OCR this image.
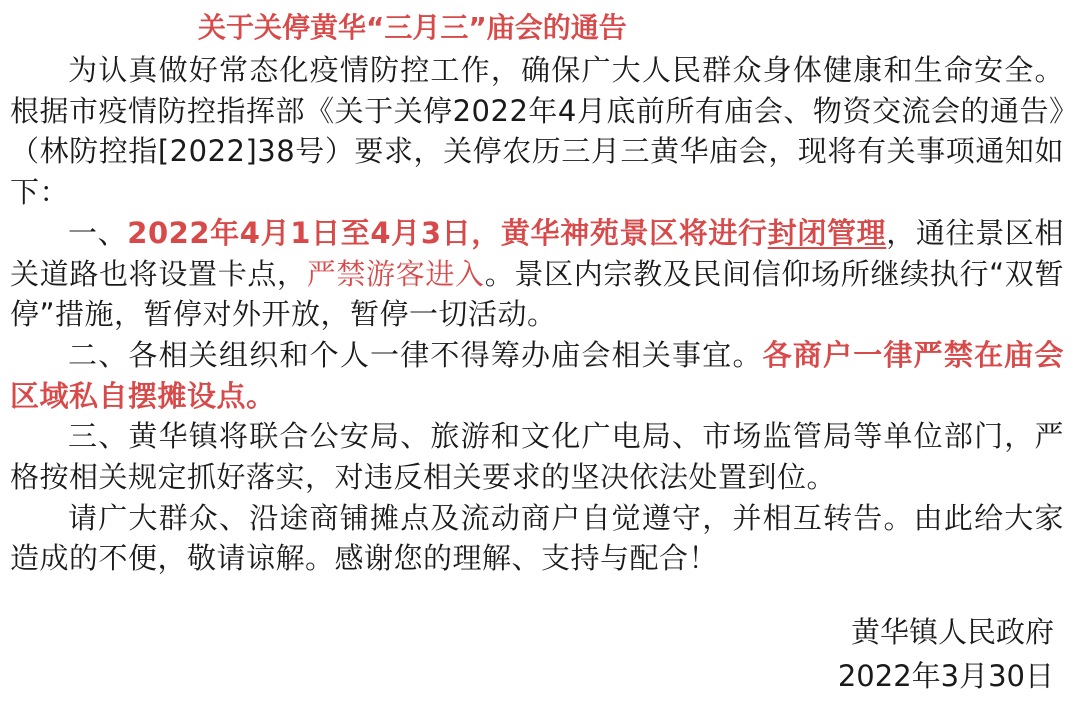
关于关停黄华“三月三”庙会的通告

为认真做好常态化疫情防控工作，确保广大人民群众身体健康和生命安全。根据市疫情防控指挥部《关于关停2022年4月底前所有庙会、物资交流会的通告》（林防控指[2022]38号）要求，关停农历三月三黄华庙会，现将有关事项通知如下：

一、2022年4月1日至4月3日，黄华神苑景区将进行封闭管理，通往景区相关道路也将设置卡点，严禁游客进入。景区内宗教及民间信仰场所继续执行“双暂停”措施，暂停对外开放，暂停一切活动。

二、各相关组织和个人一律不得筹办庙会相关事宜。各商户一律严禁在庙会区域私自摆摊设点。

三、黄华镇将联合公安局、旅游和文化广电局、市场监管局等单位部门，严格按相关规定抓好落实，对违反相关要求的坚决依法处置到位。

请广大群众、沿途商铺摊点及流动商户自觉遵守，并相互转告。由此给大家造成的不便，敬请谅解。感谢您的理解、支持与配合！

黄华镇人民政府
2022年3月30日
